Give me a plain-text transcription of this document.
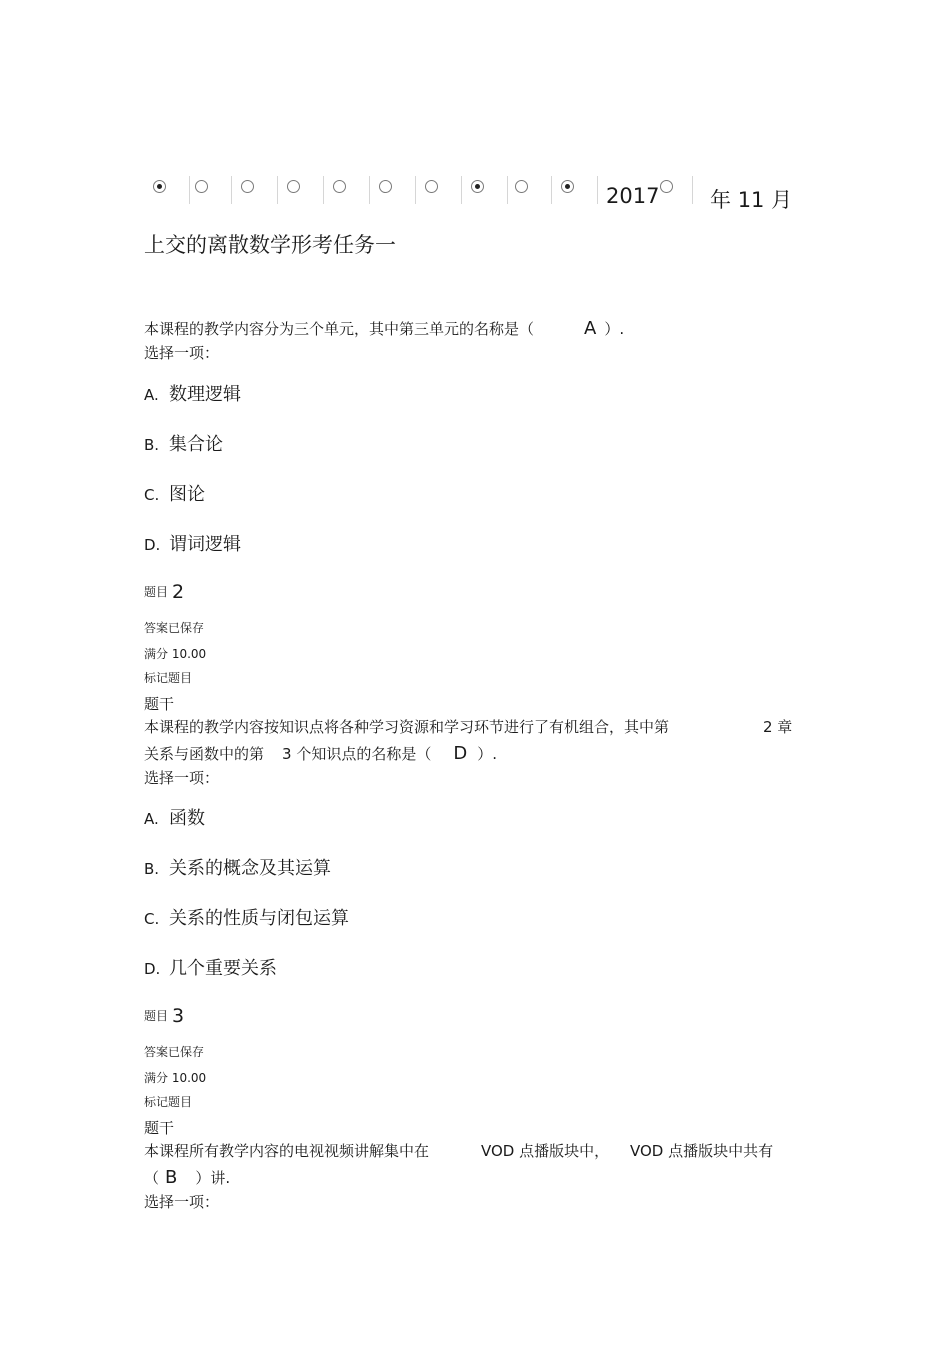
2017 年 11 月
上交的离散数学形考任务一
本课程的教学内容分为三个单元，其中第三单元的名称是（	A ）.
选择一项：
A. 数理逻辑
B. 集合论
C. 图论
D. 谓词逻辑
题目 2
答案已保存
满分 10.00
标记题目
题干
本课程的教学内容按知识点将各种学习资源和学习环节进行了有机组合，其中第	2 章
关系与函数中的第 3 个知识点的名称是（ D ）.
选择一项：
A. 函数
B. 关系的概念及其运算
C. 关系的性质与闭包运算
D. 几个重要关系
题目 3
答案已保存
满分 10.00
标记题目
题干
本课程所有教学内容的电视视频讲解集中在	VOD 点播版块中， VOD 点播版块中共有
（ B ）讲.
选择一项：
